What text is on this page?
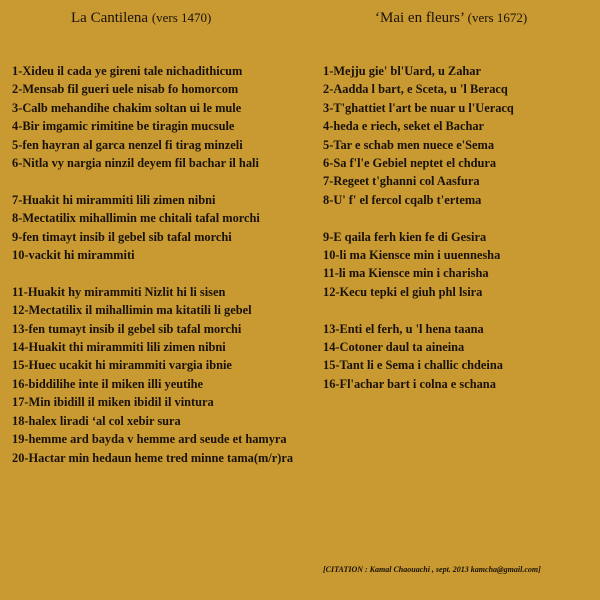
La Cantilena (vers 1470)
1-Xideu il cada ye gireni tale nichadithicum
2-Mensab fil gueri uele nisab fo homorcom
3-Calb mehandihe chakim soltan ui le mule
4-Bir imgamic rimitine be tiragin mucsule
5-fen hayran al garca nenzel fi tirag minzeli
6-Nitla vy nargia ninzil deyem fil bachar il hali
7-Huakit hi mirammiti lili zimen nibni
8-Mectatilix mihallimin me chitali tafal morchi
9-fen timayt insib il gebel sib tafal morchi
10-vackit hi mirammiti
11-Huakit hy mirammiti Nizlit hi li sisen
12-Mectatilix il mihallimin ma kitatili li gebel
13-fen tumayt insib il gebel sib tafal morchi
14-Huakit thi mirammiti lili zimen nibni
15-Huec ucakit hi mirammiti vargia ibnie
16-biddilihe inte il miken illi yeutihe
17-Min ibidill il miken ibidil il vintura
18-halex liradi ‘al col xebir sura
19-hemme ard bayda v hemme ard seude et hamyra
20-Hactar min hedaun heme tred minne tama(m/r)ra
‘Mai en fleurs’ (vers 1672)
1-Mejju gie' bl'Uard, u Zahar
2-Aadda l bart, e Sceta, u 'l Beracq
3-T'ghattiet l'art be nuar u l'Ueracq
4-heda e riech, seket el Bachar
5-Tar e schab men nuece e'Sema
6-Sa f'l'e Gebiel neptet el chdura
7-Regeet t'ghanni col Aasfura
8-U' f' el fercol cqalb t'ertema
9-E qaila ferh kien fe di Gesira
10-li ma Kiensce min i uuennesha
11-li ma Kiensce min i charisha
12-Kecu tepki el giuh phl lsira
13-Enti el ferh, u 'l hena taana
14-Cotoner daul ta aineina
15-Tant li e Sema i challic chdeina
16-Fl'achar bart i colna e schana
[CITATION : Kamal Chaouachi , sept. 2013 kamcha@gmail.com]
